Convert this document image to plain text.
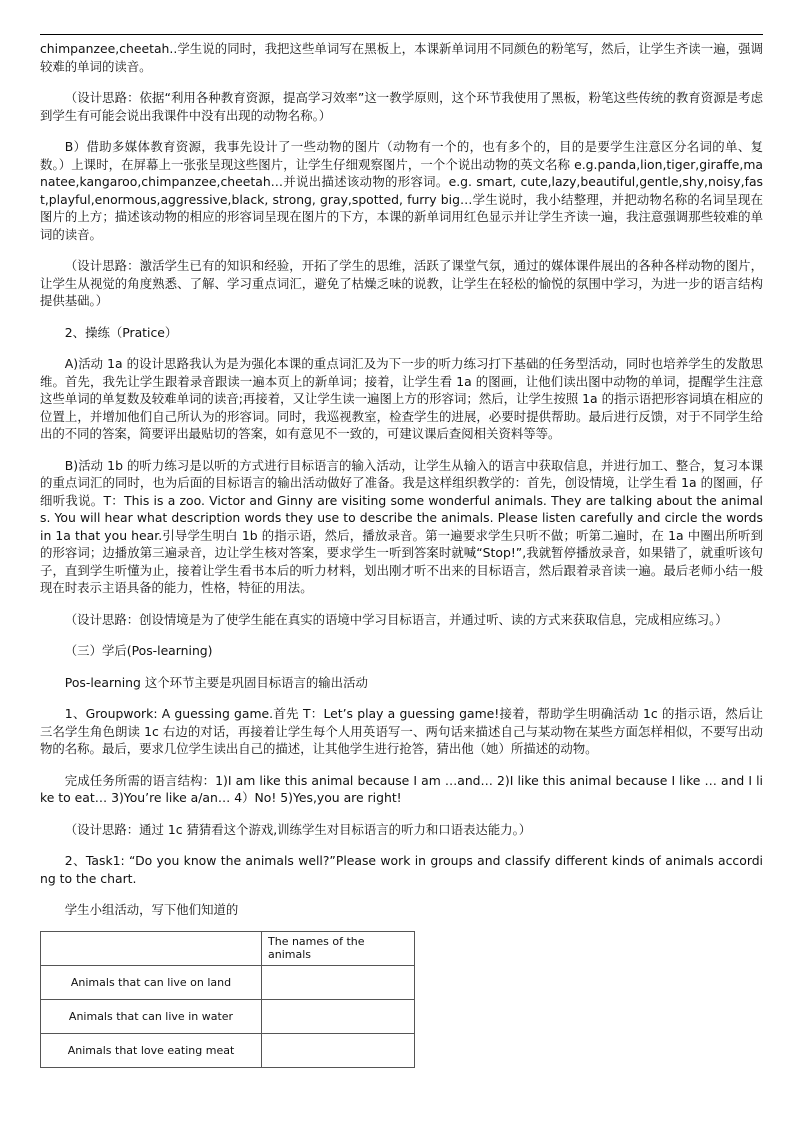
chimpanzee,cheetah..学生说的同时，我把这些单词写在黑板上，本课新单词用不同颜色的粉笔写，然后，让学生齐读一遍，强调较难的单词的读音。

（设计思路：依据“利用各种教育资源，提高学习效率”这一教学原则，这个环节我使用了黑板，粉笔这些传统的教育资源是考虑到学生有可能会说出我课件中没有出现的动物名称。）

B）借助多媒体教育资源，我事先设计了一些动物的图片（动物有一个的，也有多个的，目的是要学生注意区分名词的单、复数。）上课时，在屏幕上一张张呈现这些图片，让学生仔细观察图片，一个个说出动物的英文名称 e.g.panda,lion,tiger,giraffe,manatee,kangaroo,chimpanzee,cheetah…并说出描述该动物的形容词。e.g. smart, cute,lazy,beautiful,gentle,shy,noisy,fast,playful,enormous,aggressive,black, strong, gray,spotted, furry big…学生说时，我小结整理，并把动物名称的名词呈现在图片的上方；描述该动物的相应的形容词呈现在图片的下方，本课的新单词用红色显示并让学生齐读一遍，我注意强调那些较难的单词的读音。

（设计思路：激活学生已有的知识和经验，开拓了学生的思维，活跃了课堂气氛，通过的媒体课件展出的各种各样动物的图片，让学生从视觉的角度熟悉、了解、学习重点词汇，避免了枯燥乏味的说教，让学生在轻松的愉悦的氛围中学习，为进一步的语言结构提供基础。）

2、操练（Pratice）

A)活动 1a 的设计思路我认为是为强化本课的重点词汇及为下一步的听力练习打下基础的任务型活动，同时也培养学生的发散思维。首先，我先让学生跟着录音跟读一遍本页上的新单词；接着，让学生看 1a 的图画，让他们读出图中动物的单词，提醒学生注意这些单词的单复数及较难单词的读音;再接着，又让学生读一遍图上方的形容词；然后，让学生按照 1a 的指示语把形容词填在相应的位置上，并增加他们自己所认为的形容词。同时，我巡视教室，检查学生的进展，必要时提供帮助。最后进行反馈，对于不同学生给出的不同的答案，简要评出最贴切的答案，如有意见不一致的，可建议课后查阅相关资料等等。

B)活动 1b 的听力练习是以听的方式进行目标语言的输入活动，让学生从输入的语言中获取信息，并进行加工、整合，复习本课的重点词汇的同时，也为后面的目标语言的输出活动做好了准备。我是这样组织教学的：首先，创设情境，让学生看 1a 的图画，仔细听我说。T：This is a zoo. Victor and Ginny are visiting some wonderful animals. They are talking about the animals. You will hear what description words they use to describe the animals. Please listen carefully and circle the words in 1a that you hear.引导学生明白 1b 的指示语，然后，播放录音。第一遍要求学生只听不做；听第二遍时，在 1a 中圈出所听到的形容词；边播放第三遍录音，边让学生核对答案，要求学生一听到答案时就喊“Stop!”,我就暂停播放录音，如果错了，就重听该句子，直到学生听懂为止，接着让学生看书本后的听力材料，划出刚才听不出来的目标语言，然后跟着录音读一遍。最后老师小结一般现在时表示主语具备的能力，性格，特征的用法。

（设计思路：创设情境是为了使学生能在真实的语境中学习目标语言，并通过听、读的方式来获取信息，完成相应练习。）

（三）学后(Pos-learning)

Pos-learning 这个环节主要是巩固目标语言的输出活动

1、Groupwork: A guessing game.首先 T：Let’s play a guessing game!接着，帮助学生明确活动 1c 的指示语，然后让三名学生角色朗读 1c 右边的对话，再接着让学生每个人用英语写一、两句话来描述自己与某动物在某些方面怎样相似，不要写出动物的名称。最后，要求几位学生读出自己的描述，让其他学生进行抢答，猜出他（她）所描述的动物。

完成任务所需的语言结构：1)I am like this animal because I am …and… 2)I like this animal because I like … and I like to eat… 3)You’re like a/an… 4）No! 5)Yes,you are right!

（设计思路：通过 1c 猜猜看这个游戏,训练学生对目标语言的听力和口语表达能力。）

2、Task1: “Do you know the animals well?”Please work in groups and classify different kinds of animals according to the chart.

学生小组活动，写下他们知道的

	The names of the animals
Animals that can live on land	
Animals that can live in water	
Animals that love eating meat	
